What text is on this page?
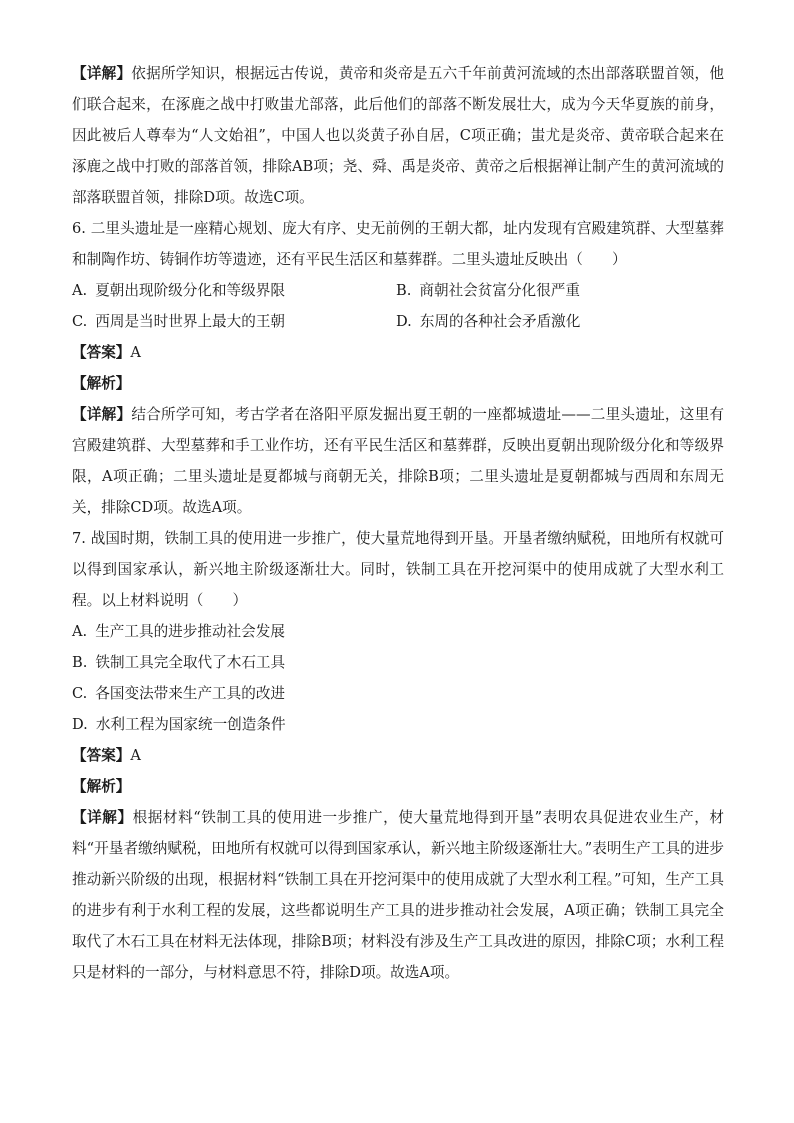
【详解】依据所学知识，根据远古传说，黄帝和炎帝是五六千年前黄河流域的杰出部落联盟首领，他们联合起来，在涿鹿之战中打败蚩尤部落，此后他们的部落不断发展壮大，成为今天华夏族的前身，因此被后人尊奉为“人文始祖”，中国人也以炎黄子孙自居，C项正确；蚩尤是炎帝、黄帝联合起来在涿鹿之战中打败的部落首领，排除AB项；尧、舜、禹是炎帝、黄帝之后根据禅让制产生的黄河流域的部落联盟首领，排除D项。故选C项。

6. 二里头遗址是一座精心规划、庞大有序、史无前例的王朝大都，址内发现有宫殿建筑群、大型墓葬和制陶作坊、铸铜作坊等遗迹，还有平民生活区和墓葬群。二里头遗址反映出（　　）

A. 夏朝出现阶级分化和等级界限	B. 商朝社会贫富分化很严重
C. 西周是当时世界上最大的王朝	D. 东周的各种社会矛盾激化

【答案】A

【解析】

【详解】结合所学可知，考古学者在洛阳平原发掘出夏王朝的一座都城遗址——二里头遗址，这里有宫殿建筑群、大型墓葬和手工业作坊，还有平民生活区和墓葬群，反映出夏朝出现阶级分化和等级界限，A项正确；二里头遗址是夏都城与商朝无关，排除B项；二里头遗址是夏朝都城与西周和东周无关，排除CD项。故选A项。

7. 战国时期，铁制工具的使用进一步推广，使大量荒地得到开垦。开垦者缴纳赋税，田地所有权就可以得到国家承认，新兴地主阶级逐渐壮大。同时，铁制工具在开挖河渠中的使用成就了大型水利工程。以上材料说明（　　）

A. 生产工具的进步推动社会发展

B. 铁制工具完全取代了木石工具

C. 各国变法带来生产工具的改进

D. 水利工程为国家统一创造条件

【答案】A

【解析】

【详解】根据材料“铁制工具的使用进一步推广，使大量荒地得到开垦”表明农具促进农业生产，材料“开垦者缴纳赋税，田地所有权就可以得到国家承认，新兴地主阶级逐渐壮大。”表明生产工具的进步推动新兴阶级的出现，根据材料“铁制工具在开挖河渠中的使用成就了大型水利工程。”可知，生产工具的进步有利于水利工程的发展，这些都说明生产工具的进步推动社会发展，A项正确；铁制工具完全取代了木石工具在材料无法体现，排除B项；材料没有涉及生产工具改进的原因，排除C项；水利工程只是材料的一部分，与材料意思不符，排除D项。故选A项。
